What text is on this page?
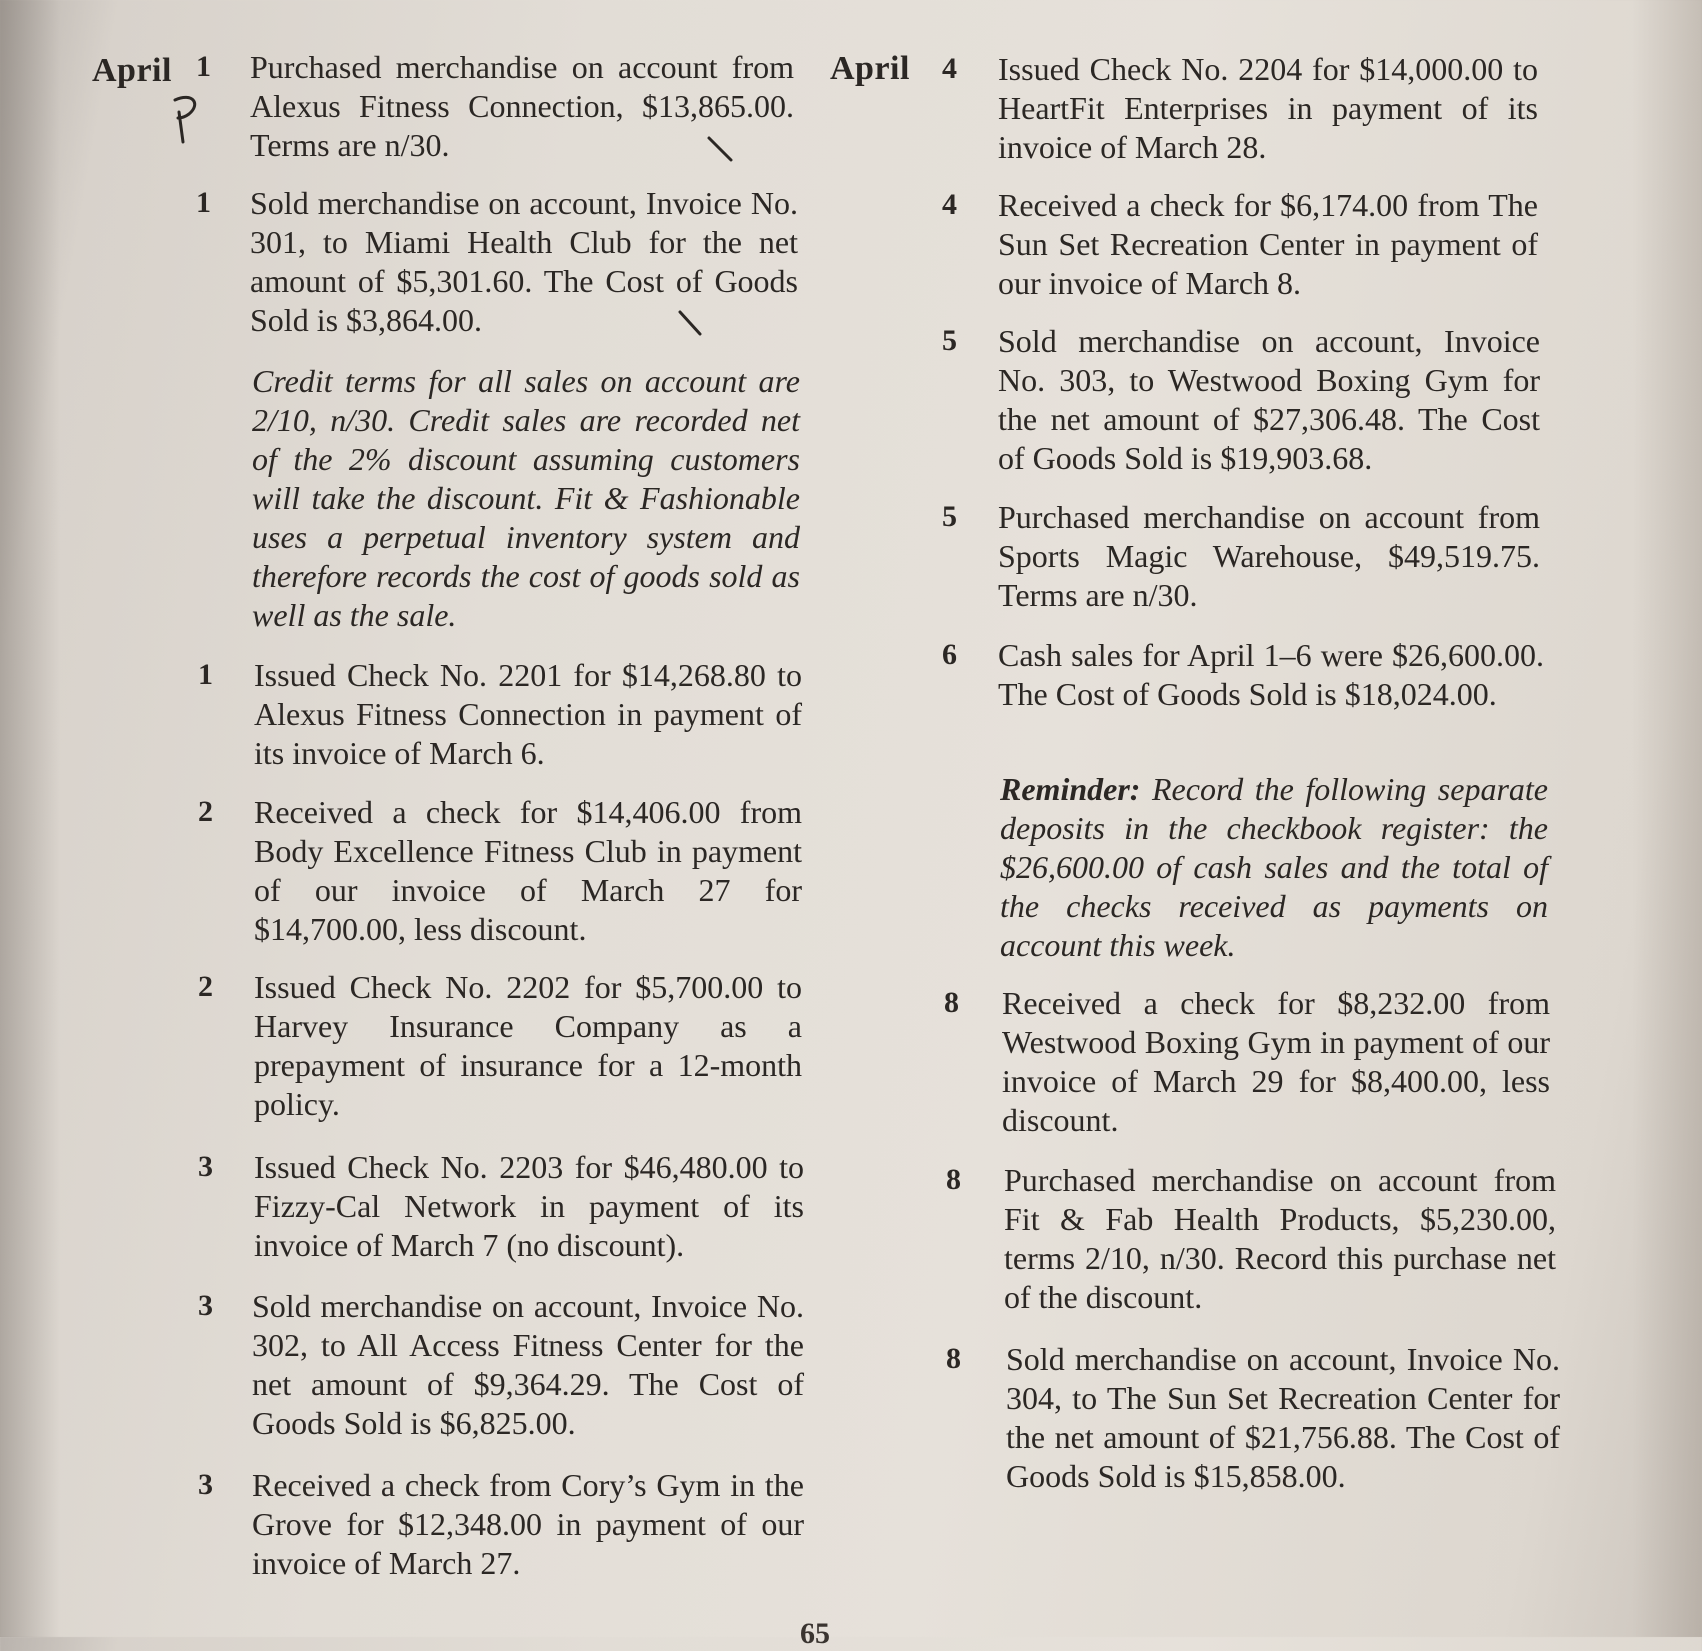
April 1 Purchased merchandise on account from Alexus Fitness Connection, $13,865.00. Terms are n/30.
1 Sold merchandise on account, Invoice No. 301, to Miami Health Club for the net amount of $5,301.60. The Cost of Goods Sold is $3,864.00.
Credit terms for all sales on account are 2/10, n/30. Credit sales are recorded net of the 2% discount assuming customers will take the discount. Fit & Fashionable uses a perpetual inventory system and therefore records the cost of goods sold as well as the sale.
1 Issued Check No. 2201 for $14,268.80 to Alexus Fitness Connection in payment of its invoice of March 6.
2 Received a check for $14,406.00 from Body Excellence Fitness Club in payment of our invoice of March 27 for $14,700.00, less discount.
2 Issued Check No. 2202 for $5,700.00 to Harvey Insurance Company as a prepayment of insurance for a 12-month policy.
3 Issued Check No. 2203 for $46,480.00 to Fizzy-Cal Network in payment of its invoice of March 7 (no discount).
3 Sold merchandise on account, Invoice No. 302, to All Access Fitness Center for the net amount of $9,364.29. The Cost of Goods Sold is $6,825.00.
3 Received a check from Cory’s Gym in the Grove for $12,348.00 in payment of our invoice of March 27.
April 4 Issued Check No. 2204 for $14,000.00 to HeartFit Enterprises in payment of its invoice of March 28.
4 Received a check for $6,174.00 from The Sun Set Recreation Center in payment of our invoice of March 8.
5 Sold merchandise on account, Invoice No. 303, to Westwood Boxing Gym for the net amount of $27,306.48. The Cost of Goods Sold is $19,903.68.
5 Purchased merchandise on account from Sports Magic Warehouse, $49,519.75. Terms are n/30.
6 Cash sales for April 1–6 were $26,600.00. The Cost of Goods Sold is $18,024.00.
Reminder: Record the following separate deposits in the checkbook register: the $26,600.00 of cash sales and the total of the checks received as payments on account this week.
8 Received a check for $8,232.00 from Westwood Boxing Gym in payment of our invoice of March 29 for $8,400.00, less discount.
8 Purchased merchandise on account from Fit & Fab Health Products, $5,230.00, terms 2/10, n/30. Record this purchase net of the discount.
8 Sold merchandise on account, Invoice No. 304, to The Sun Set Recreation Center for the net amount of $21,756.88. The Cost of Goods Sold is $15,858.00.
65
